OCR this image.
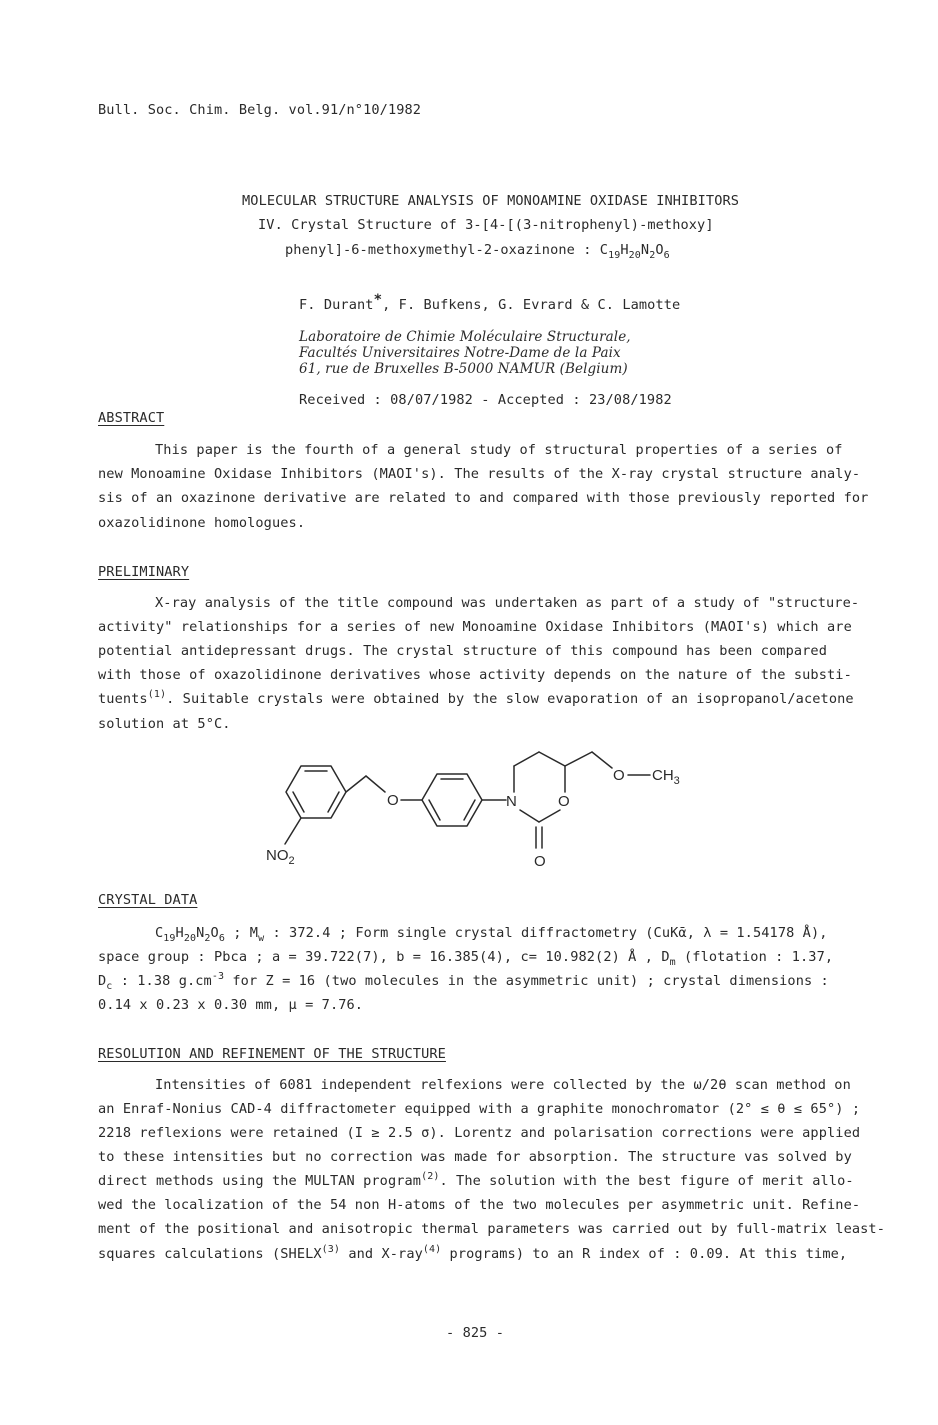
Bull. Soc. Chim. Belg. vol.91/n°10/1982
MOLECULAR STRUCTURE ANALYSIS OF MONOAMINE OXIDASE INHIBITORS
IV. Crystal Structure of 3-[4-[(3-nitrophenyl)-methoxy]
phenyl]-6-methoxymethyl-2-oxazinone : $C_{19}H_{20}N_2O_6$
F. Durant*, F. Bufkens, G. Evrard & C. Lamotte
Laboratoire de Chimie Moléculaire Structurale,
Facultés Universitaires Notre-Dame de la Paix
61, rue de Bruxelles B-5000 NAMUR (Belgium)
Received : 08/07/1982 - Accepted : 23/08/1982
ABSTRACT
This paper is the fourth of a general study of structural properties of a series of
new Monoamine Oxidase Inhibitors (MAOI's). The results of the X-ray crystal structure analy-
sis of an oxazinone derivative are related to and compared with those previously reported for
oxazolidinone homologues.
PRELIMINARY
X-ray analysis of the title compound was undertaken as part of a study of "structure-
activity" relationships for a series of new Monoamine Oxidase Inhibitors (MAOI's) which are
potential antidepressant drugs. The crystal structure of this compound has been compared
with those of oxazolidinone derivatives whose activity depends on the nature of the substi-
tuents$^{(1)}$. Suitable crystals were obtained by the slow evaporation of an isopropanol/acetone
solution at 5°C.
O	N	O
O
O $CH_3$
$NO_2$
CRYSTAL DATA
$C_{19}H_{20}N_2O_6$ ; $M_w$ : 372.4 ; Form single crystal diffractometry (CuKᾱ, λ = 1.54178 Å),
space group : Pbca ; a = 39.722(7), b = 16.385(4), c= 10.982(2) Å , $D_m$ (flotation : 1.37,
$D_c$ : 1.38 $g.cm^{-3}$ for Z = 16 (two molecules in the asymmetric unit) ; crystal dimensions :
0.14 x 0.23 x 0.30 mm, μ = 7.76.
RESOLUTION AND REFINEMENT OF THE STRUCTURE
Intensities of 6081 independent relfexions were collected by the ω/2θ scan method on
an Enraf-Nonius CAD-4 diffractometer equipped with a graphite monochromator (2° ≤ θ ≤ 65°) ;
2218 reflexions were retained (I ≥ 2.5 σ). Lorentz and polarisation corrections were applied
to these intensities but no correction was made for absorption. The structure vas solved by
direct methods using the MULTAN program$^{(2)}$. The solution with the best figure of merit allo-
wed the localization of the 54 non H-atoms of the two molecules per asymmetric unit. Refine-
ment of the positional and anisotropic thermal parameters was carried out by full-matrix least-
squares calculations (SHELX$^{(3)}$ and X-ray$^{(4)}$ programs) to an R index of : 0.09. At this time,
- 825 -
